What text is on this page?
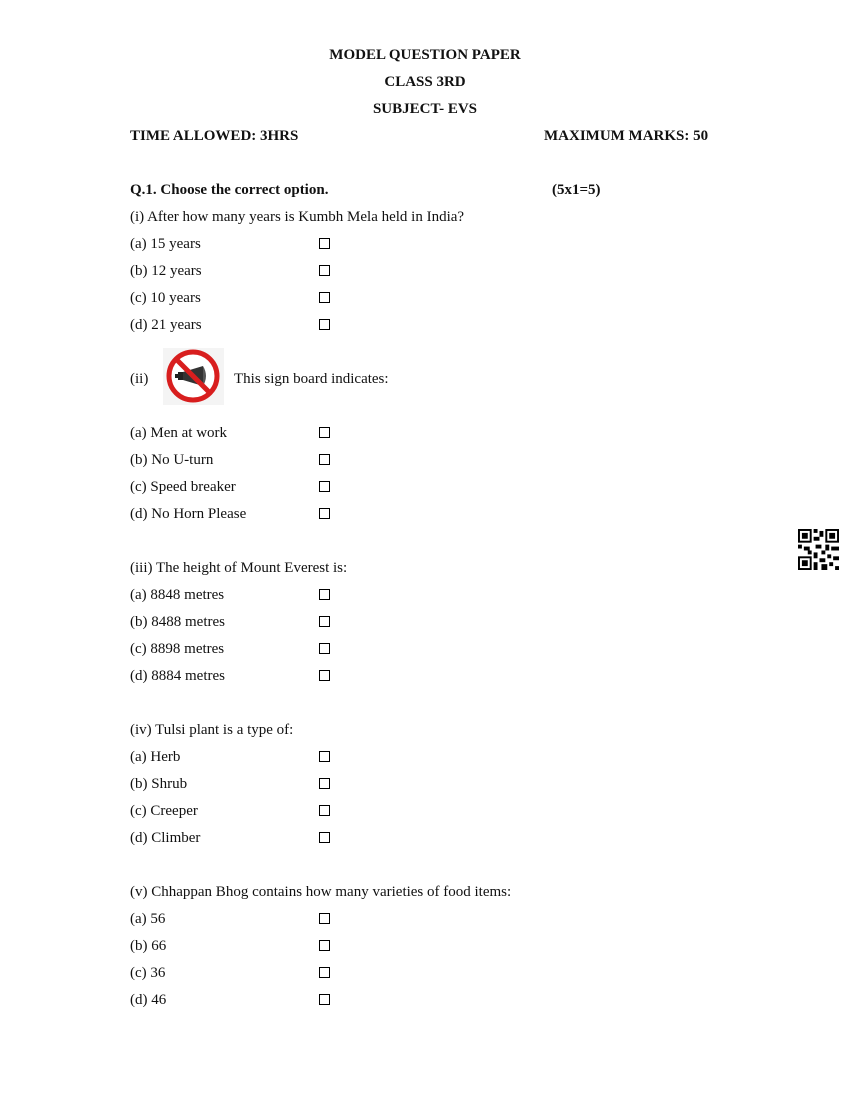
MODEL QUESTION PAPER
CLASS 3RD
SUBJECT- EVS
TIME ALLOWED: 3HRS	MAXIMUM MARKS: 50
Q.1. Choose the correct option.	(5x1=5)
(i) After how many years is Kumbh Mela held in India?
(a) 15 years
(b) 12 years
(c) 10 years
(d) 21 years
(ii)	This sign board indicates:
(a) Men at work
(b) No U-turn
(c) Speed breaker
(d) No Horn Please
(iii) The height of Mount Everest is:
(a) 8848 metres
(b) 8488 metres
(c) 8898 metres
(d) 8884 metres
(iv) Tulsi plant is a type of:
(a) Herb
(b) Shrub
(c) Creeper
(d) Climber
(v) Chhappan Bhog contains how many varieties of food items:
(a) 56
(b) 66
(c) 36
(d) 46
